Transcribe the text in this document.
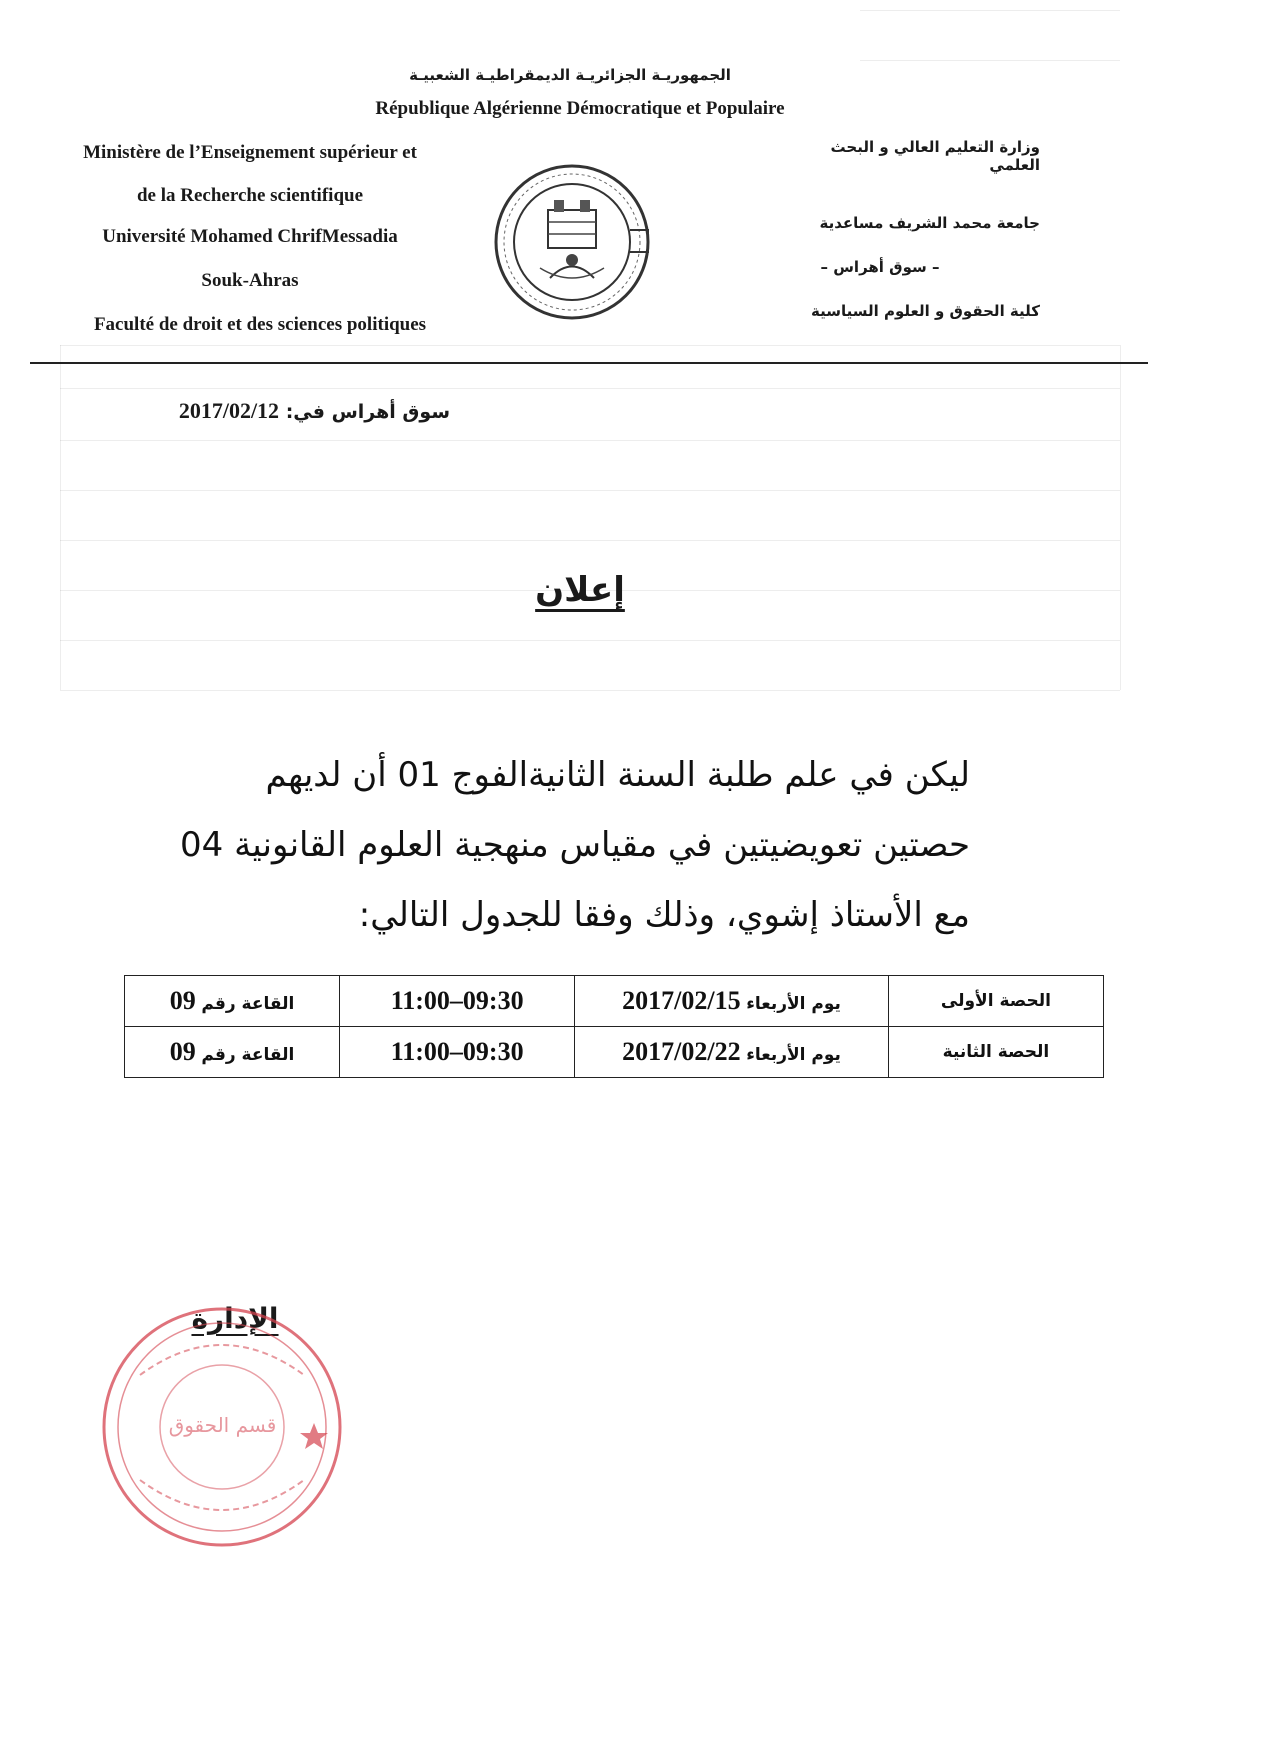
الجمهوريـة الجزائريـة الديمقراطيـة الشعبيـة
République Algérienne Démocratique et Populaire
Ministère de l’Enseignement supérieur et
de la Recherche scientifique
Université Mohamed ChrifMessadia
Souk-Ahras
Faculté de droit et des sciences politiques
وزارة التعليم العالي و البحث العلمي
جامعة محمد الشريف مساعدية
– سوق أهراس –
كلية الحقوق و العلوم السياسية
سوق أهراس في: 2017/02/12
إعلان
ليكن في علم طلبة السنة الثانيةالفوج 01 أن لديهم
حصتين تعويضيتين في مقياس منهجية العلوم القانونية 04
مع الأستاذ إشوي، وذلك وفقا للجدول التالي:
الحصة الأولى	يوم الأربعاء 2017/02/15	11:00–09:30	القاعة رقم 09
الحصة الثانية	يوم الأربعاء 2017/02/22	11:00–09:30	القاعة رقم 09
الإدارة
قسم الحقوق
